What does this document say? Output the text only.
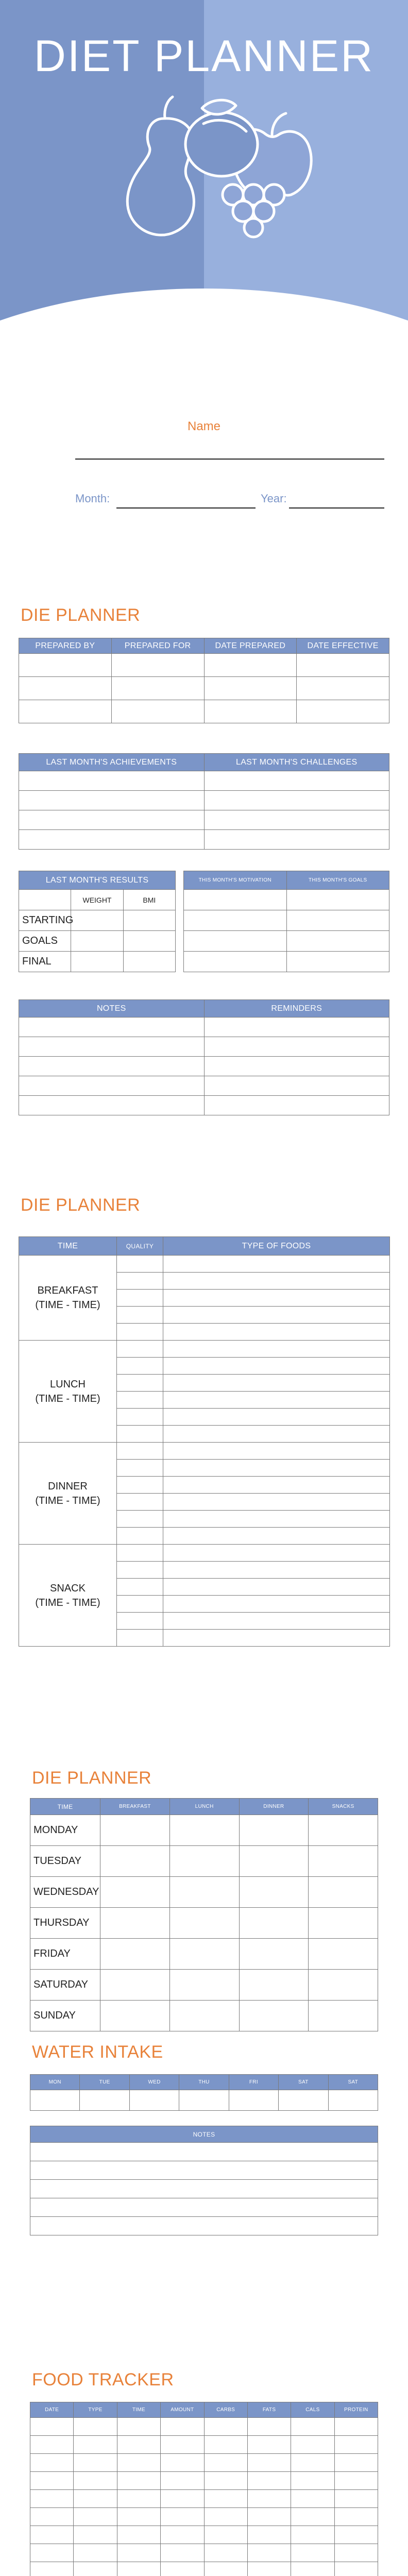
DIET PLANNER
Name
Month:	Year:
DIE PLANNER
PREPARED BY	PREPARED FOR	DATE PREPARED	DATE EFFECTIVE

LAST MONTH'S ACHIEVEMENTS	LAST MONTH'S CHALLENGES

LAST MONTH'S RESULTS		
	WEIGHT	BMI
STARTING		
GOALS		
FINAL		
THIS MONTH'S MOTIVATION	THIS MONTH'S GOALS

NOTES	REMINDERS

DIE PLANNER
TIME	QUALITY	TYPE OF FOODS

BREAKFAST
(TIME - TIME)		

LUNCH
(TIME - TIME)		

DINNER
(TIME - TIME)		

SNACK
(TIME - TIME)		

DIE PLANNER
TIME	BREAKFAST	LUNCH	DINNER	SNACKS
MONDAY				
TUESDAY				
WEDNESDAY				
THURSDAY				
FRIDAY				
SATURDAY				
SUNDAY				
WATER INTAKE
MON	TUE	WED	THU	FRI	SAT	SAT

NOTES

FOOD TRACKER
DATE	TYPE	TIME	AMOUNT	CARBS	FATS	CALS	PROTEIN
